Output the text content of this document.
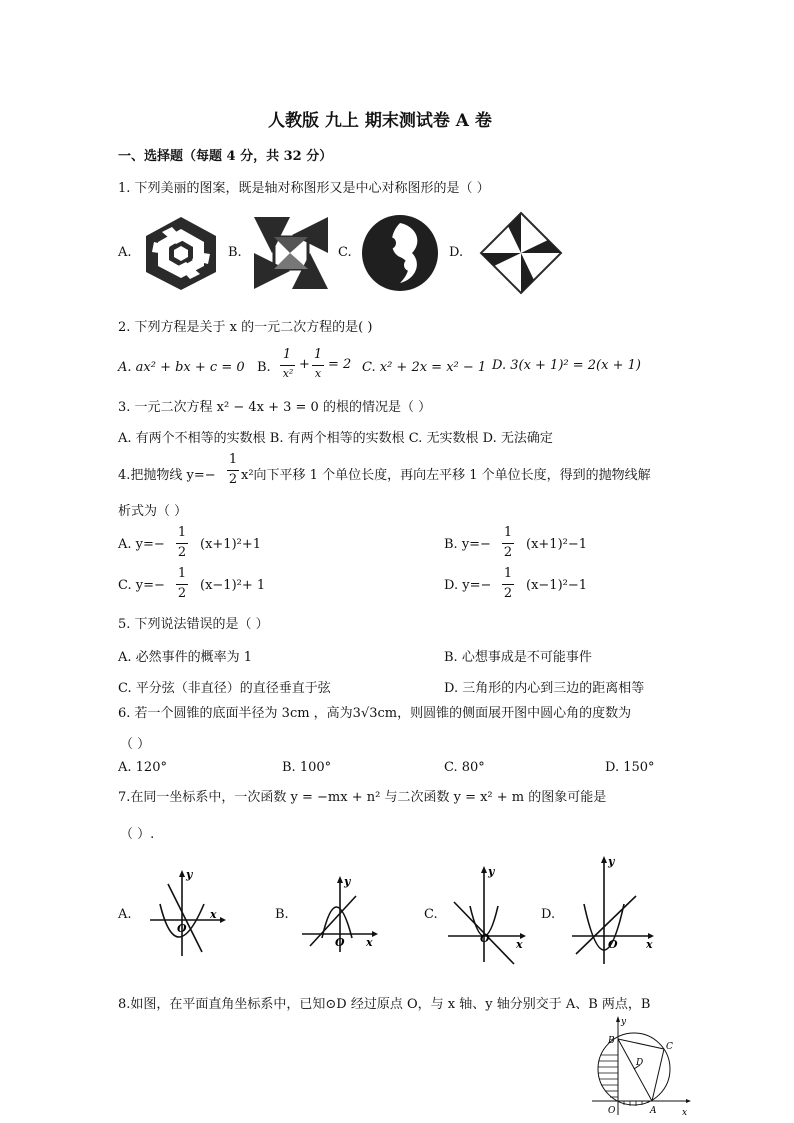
人教版 九上 期末测试卷 A 卷
一、选择题（每题 4 分，共 32 分）
1. 下列美丽的图案，既是轴对称图形又是中心对称图形的是（ ）
A.	B.	C.	D.
2. 下列方程是关于 x 的一元二次方程的是( )
A. ax² + bx + c = 0 B.
1
x²
+
1
x
= 2 C. x² + 2x = x² − 1 D. 3(x + 1)² = 2(x + 1)
3. 一元二次方程 x² − 4x + 3 = 0 的根的情况是（ ）
A. 有两个不相等的实数根 B. 有两个相等的实数根 C. 无实数根 D. 无法确定
4.把抛物线 y=−
1
2 x²向下平移 1 个单位长度，再向左平移 1 个单位长度，得到的抛物线解
析式为（ ）
A. y=−
1
2
(x+1)²+1	B. y=−
1
2
(x+1)²−1
C. y=−
1
2
(x−1)²+ 1	D. y=−
1
2
(x−1)²−1
5. 下列说法错误的是（ ）
A. 必然事件的概率为 1	B. 心想事成是不可能事件
C. 平分弦（非直径）的直径垂直于弦	D. 三角形的内心到三边的距离相等
6. 若一个圆锥的底面半径为 3cm ，高为3√3cm，则圆锥的侧面展开图中圆心角的度数为
（ ）
A. 120°	B. 100°	C. 80°	D. 150°
7.在同一坐标系中，一次函数 y = −mx + n² 与二次函数 y = x² + m 的图象可能是
（ ）.
A.	B.	C.	D.
y
x
O
y
x
O
y
x
O
y
x
O
8.如图，在平面直角坐标系中，已知⊙D 经过原点 O，与 x 轴、y 轴分别交于 A、B 两点，B
y
x
O	A
B
C
D
